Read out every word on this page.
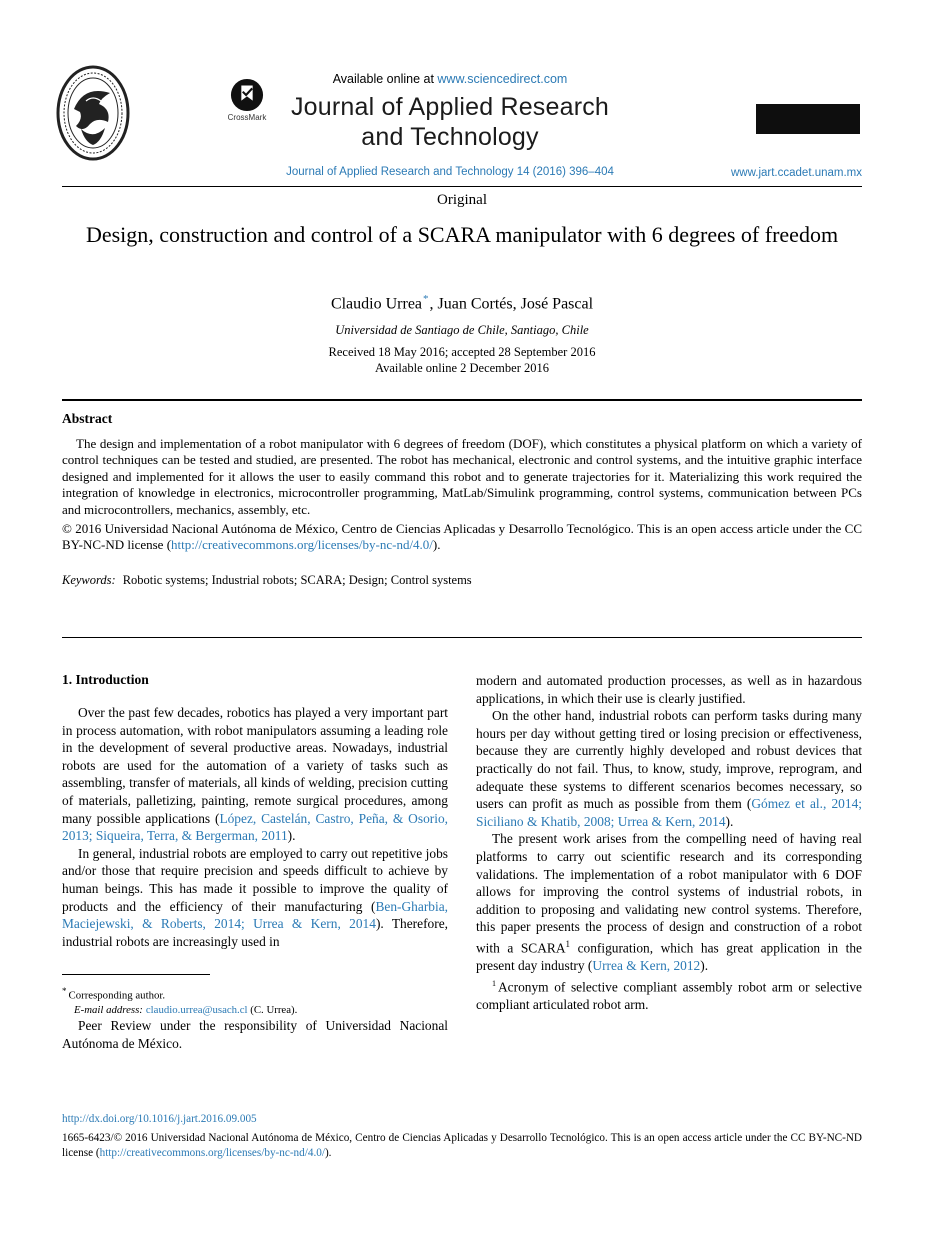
CrossMark
Available online at www.sciencedirect.com
Journal of Applied Research
and Technology
Journal of Applied Research and Technology 14 (2016) 396–404	www.jart.ccadet.unam.mx
Original
Design, construction and control of a SCARA manipulator with 6 degrees of freedom
Claudio Urrea*, Juan Cortés, José Pascal
Universidad de Santiago de Chile, Santiago, Chile
Received 18 May 2016; accepted 28 September 2016
Available online 2 December 2016
Abstract

The design and implementation of a robot manipulator with 6 degrees of freedom (DOF), which constitutes a physical platform on which a variety of control techniques can be tested and studied, are presented. The robot has mechanical, electronic and control systems, and the intuitive graphic interface designed and implemented for it allows the user to easily command this robot and to generate trajectories for it. Materializing this work required the integration of knowledge in electronics, microcontroller programming, MatLab/Simulink programming, control systems, communication between PCs and microcontrollers, mechanics, assembly, etc.

© 2016 Universidad Nacional Autónoma de México, Centro de Ciencias Aplicadas y Desarrollo Tecnológico. This is an open access article under the CC BY-NC-ND license (http://creativecommons.org/licenses/by-nc-nd/4.0/).

Keywords: Robotic systems; Industrial robots; SCARA; Design; Control systems
1. Introduction

Over the past few decades, robotics has played a very important part in process automation, with robot manipulators assuming a leading role in the development of several productive areas. Nowadays, industrial robots are used for the automation of a variety of tasks such as assembling, transfer of materials, all kinds of welding, precision cutting of materials, palletizing, painting, remote surgical procedures, among many possible applications (López, Castelán, Castro, Peña, & Osorio, 2013; Siqueira, Terra, & Bergerman, 2011).

In general, industrial robots are employed to carry out repetitive jobs and/or those that require precision and speeds difficult to achieve by human beings. This has made it possible to improve the quality of products and the efficiency of their manufacturing (Ben-Gharbia, Maciejewski, & Roberts, 2014; Urrea & Kern, 2014). Therefore, industrial robots are increasingly used in

* Corresponding author.
E-mail address: claudio.urrea@usach.cl (C. Urrea).

Peer Review under the responsibility of Universidad Nacional Autónoma de México.

modern and automated production processes, as well as in hazardous applications, in which their use is clearly justified.

On the other hand, industrial robots can perform tasks during many hours per day without getting tired or losing precision or effectiveness, because they are currently highly developed and robust devices that practically do not fail. Thus, to know, study, improve, reprogram, and adequate these systems to different scenarios becomes necessary, so users can profit as much as possible from them (Gómez et al., 2014; Siciliano & Khatib, 2008; Urrea & Kern, 2014).

The present work arises from the compelling need of having real platforms to carry out scientific research and its corresponding validations. The implementation of a robot manipulator with 6 DOF allows for improving the control systems of industrial robots, in addition to proposing and validating new control systems. Therefore, this paper presents the process of design and construction of a robot with a SCARA$^1$ configuration, which has great application in the present day industry (Urrea & Kern, 2012).

$^1$ Acronym of selective compliant assembly robot arm or selective compliant articulated robot arm.

http://dx.doi.org/10.1016/j.jart.2016.09.005
1665-6423/© 2016 Universidad Nacional Autónoma de México, Centro de Ciencias Aplicadas y Desarrollo Tecnológico. This is an open access article under the CC BY-NC-ND license (http://creativecommons.org/licenses/by-nc-nd/4.0/).
